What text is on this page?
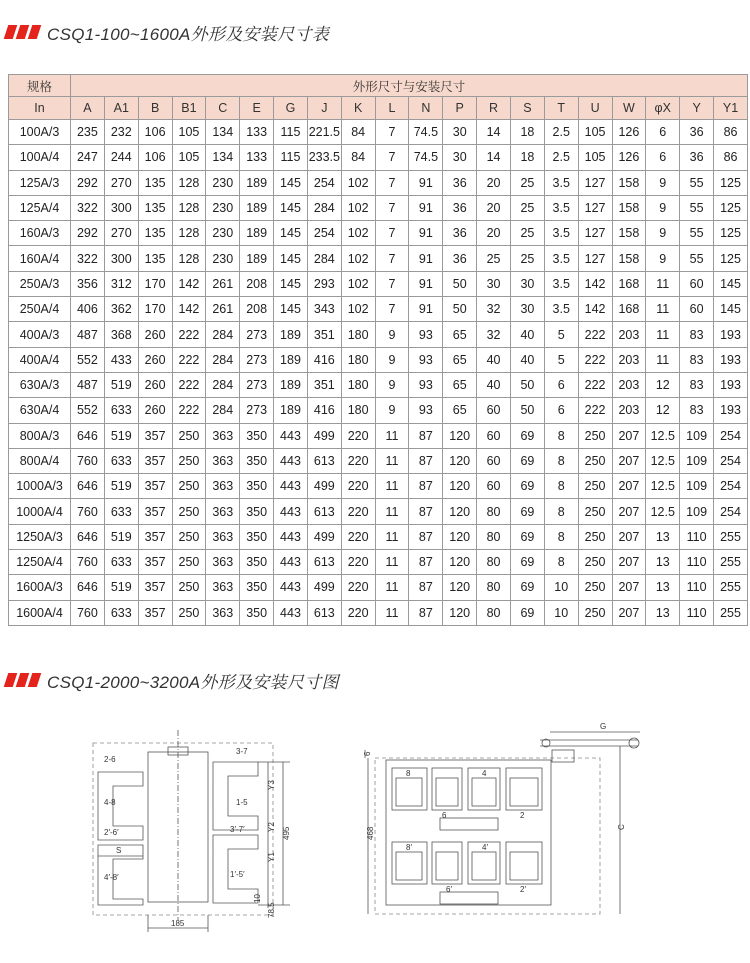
CSQ1-100~1600A外形及安装尺寸表
规格	外形尺寸与安装尺寸																			
In	A	A1	B	B1	C	E	G	J	K	L	N	P	R	S	T	U	W	φX	Y	Y1
100A/3	235	232	106	105	134	133	115	221.5	84	7	74.5	30	14	18	2.5	105	126	6	36	86
100A/4	247	244	106	105	134	133	115	233.5	84	7	74.5	30	14	18	2.5	105	126	6	36	86
125A/3	292	270	135	128	230	189	145	254	102	7	91	36	20	25	3.5	127	158	9	55	125
125A/4	322	300	135	128	230	189	145	284	102	7	91	36	20	25	3.5	127	158	9	55	125
160A/3	292	270	135	128	230	189	145	254	102	7	91	36	20	25	3.5	127	158	9	55	125
160A/4	322	300	135	128	230	189	145	284	102	7	91	36	25	25	3.5	127	158	9	55	125
250A/3	356	312	170	142	261	208	145	293	102	7	91	50	30	30	3.5	142	168	11	60	145
250A/4	406	362	170	142	261	208	145	343	102	7	91	50	32	30	3.5	142	168	11	60	145
400A/3	487	368	260	222	284	273	189	351	180	9	93	65	32	40	5	222	203	11	83	193
400A/4	552	433	260	222	284	273	189	416	180	9	93	65	40	40	5	222	203	11	83	193
630A/3	487	519	260	222	284	273	189	351	180	9	93	65	40	50	6	222	203	12	83	193
630A/4	552	633	260	222	284	273	189	416	180	9	93	65	60	50	6	222	203	12	83	193
800A/3	646	519	357	250	363	350	443	499	220	11	87	120	60	69	8	250	207	12.5	109	254
800A/4	760	633	357	250	363	350	443	613	220	11	87	120	60	69	8	250	207	12.5	109	254
1000A/3	646	519	357	250	363	350	443	499	220	11	87	120	60	69	8	250	207	12.5	109	254
1000A/4	760	633	357	250	363	350	443	613	220	11	87	120	80	69	8	250	207	12.5	109	254
1250A/3	646	519	357	250	363	350	443	499	220	11	87	120	80	69	8	250	207	13	110	255
1250A/4	760	633	357	250	363	350	443	613	220	11	87	120	80	69	8	250	207	13	110	255
1600A/3	646	519	357	250	363	350	443	499	220	11	87	120	80	69	10	250	207	13	110	255
1600A/4	760	633	357	250	363	350	443	613	220	11	87	120	80	69	10	250	207	13	110	255
CSQ1-2000~3200A外形及安装尺寸图
2-6
3-7
4-8	1-5
2′-6′	3′-7′
S
4′-8′	1′-5′
Y3
Y2
Y1
495
10
78.5
185
G
6
468	C
8	4
6	2
8′	4′
6′	2′
